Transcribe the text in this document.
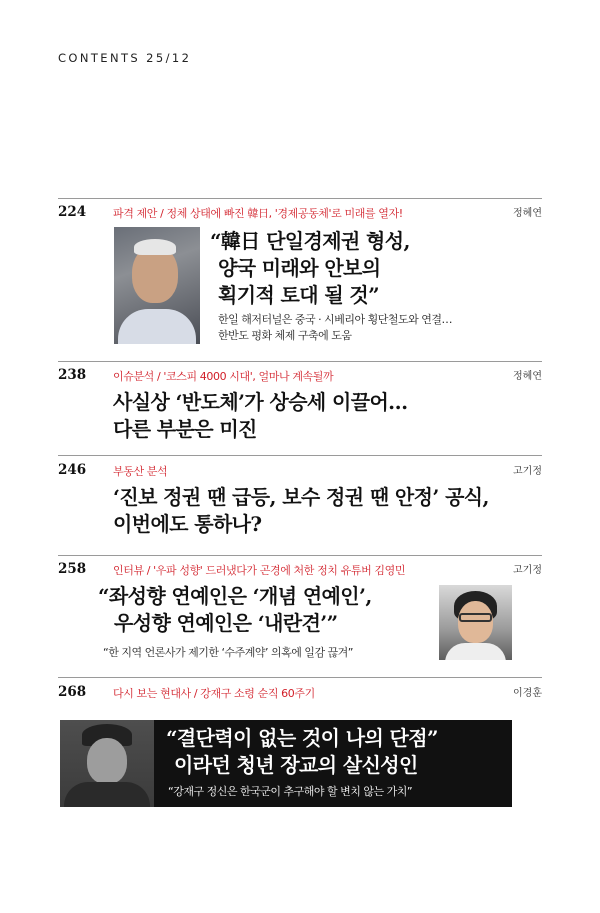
CONTENTS 25/12
224 파격 제안 / 정체 상태에 빠진 韓日, '경제공동체'로 미래를 열자!	정혜연
“韓日 단일경제권 형성,
양국 미래와 안보의
획기적 토대 될 것”
한일 해저터널은 중국 · 시베리아 횡단철도와 연결…
한반도 평화 체제 구축에 도움
238 이슈분석 / '코스피 4000 시대', 얼마나 계속될까	정혜연
사실상 ‘반도체’가 상승세 이끌어…
다른 부분은 미진
246 부동산 분석	고기정
‘진보 정권 땐 급등, 보수 정권 땐 안정’ 공식,
이번에도 통하나?
258 인터뷰 / '우파 성향' 드러냈다가 곤경에 처한 정치 유튜버 김영민	고기정
“좌성향 연예인은 ‘개념 연예인’,
우성향 연예인은 ‘내란견’”
“한 지역 언론사가 제기한 ‘수주계약’ 의혹에 일감 끊겨”
268 다시 보는 현대사 / 강재구 소령 순직 60주기	이경훈
“결단력이 없는 것이 나의 단점”
이라던 청년 장교의 살신성인
“강재구 정신은 한국군이 추구해야 할 변치 않는 가치”
